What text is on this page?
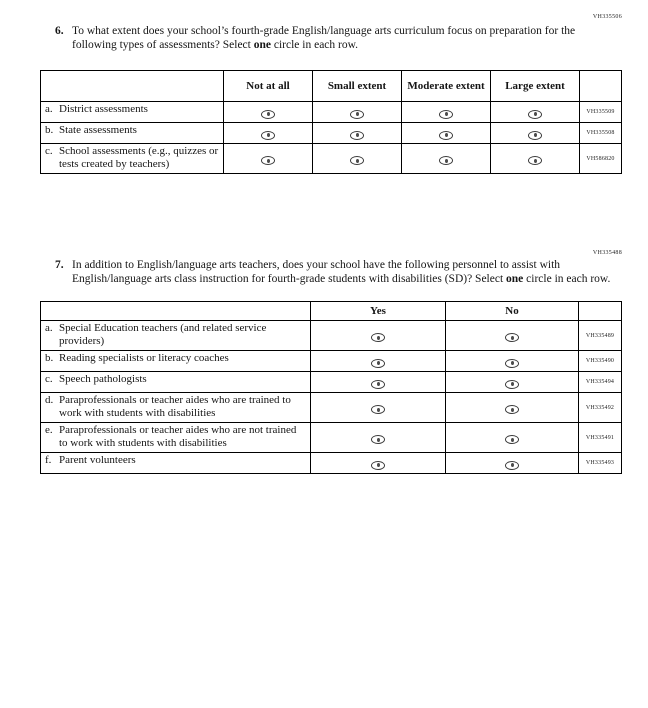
VH335506
6. To what extent does your school’s fourth-grade English/language arts curriculum focus on preparation for the following types of assessments? Select one circle in each row.
	Not at all	Small extent	Moderate extent	Large extent	

a. District assessments					VH335509

b. State assessments					VH335508

c. School assessments (e.g., quizzes or tests created by teachers)					VH586820
VH335488
7. In addition to English/language arts teachers, does your school have the following personnel to assist with English/language arts class instruction for fourth-grade students with disabilities (SD)? Select one circle in each row.
	Yes	No	

a. Special Education teachers (and related service providers)			VH335489

b. Reading specialists or literacy coaches			VH335490

c. Speech pathologists			VH335494

d. Paraprofessionals or teacher aides who are trained to work with students with disabilities			VH335492

e. Paraprofessionals or teacher aides who are not trained to work with students with disabilities			VH335491

f. Parent volunteers			VH335493
